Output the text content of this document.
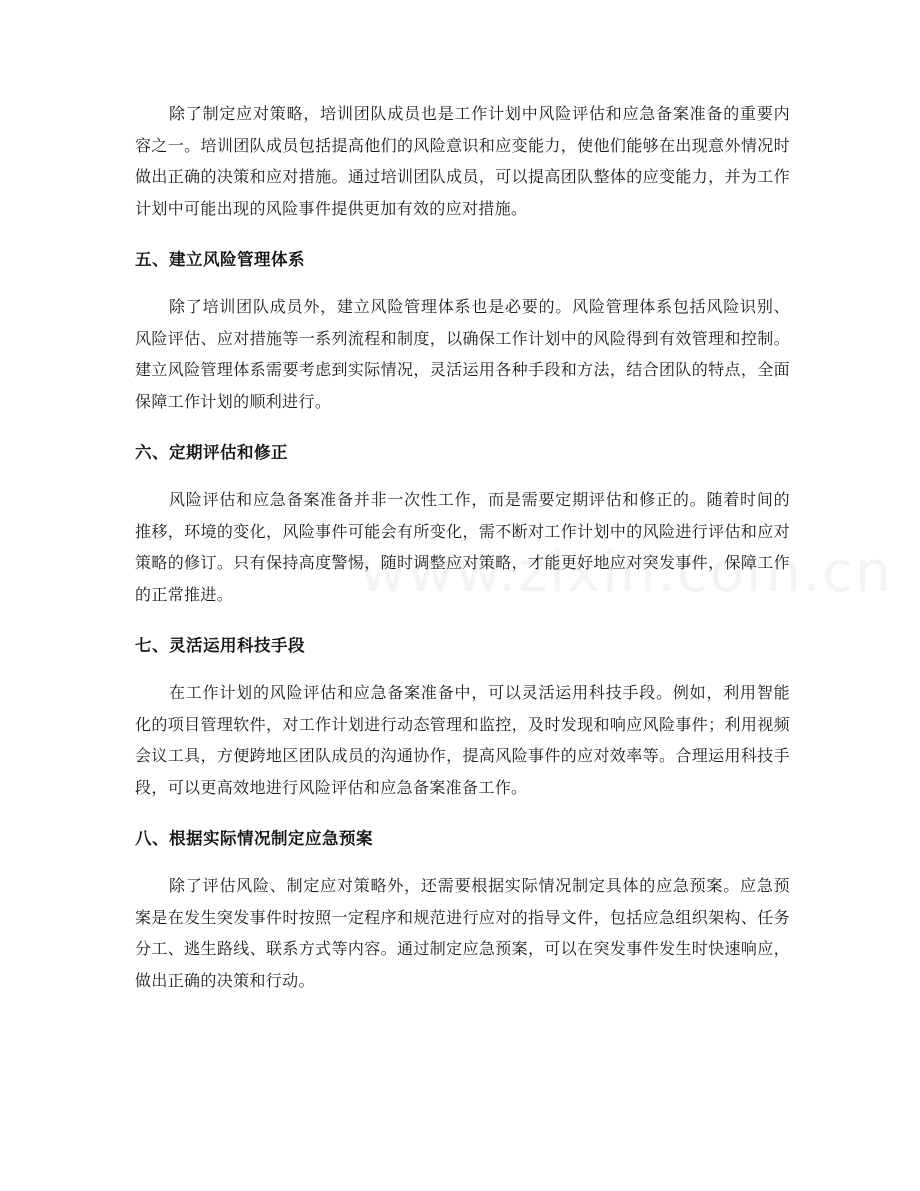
除了制定应对策略，培训团队成员也是工作计划中风险评估和应急备案准备的重要内容之一。培训团队成员包括提高他们的风险意识和应变能力，使他们能够在出现意外情况时做出正确的决策和应对措施。通过培训团队成员，可以提高团队整体的应变能力，并为工作计划中可能出现的风险事件提供更加有效的应对措施。

五、建立风险管理体系

除了培训团队成员外，建立风险管理体系也是必要的。风险管理体系包括风险识别、风险评估、应对措施等一系列流程和制度，以确保工作计划中的风险得到有效管理和控制。建立风险管理体系需要考虑到实际情况，灵活运用各种手段和方法，结合团队的特点，全面保障工作计划的顺利进行。

六、定期评估和修正

风险评估和应急备案准备并非一次性工作，而是需要定期评估和修正的。随着时间的推移，环境的变化，风险事件可能会有所变化，需不断对工作计划中的风险进行评估和应对策略的修订。只有保持高度警惕，随时调整应对策略，才能更好地应对突发事件，保障工作的正常推进。

七、灵活运用科技手段

在工作计划的风险评估和应急备案准备中，可以灵活运用科技手段。例如，利用智能化的项目管理软件，对工作计划进行动态管理和监控，及时发现和响应风险事件；利用视频会议工具，方便跨地区团队成员的沟通协作，提高风险事件的应对效率等。合理运用科技手段，可以更高效地进行风险评估和应急备案准备工作。

八、根据实际情况制定应急预案

除了评估风险、制定应对策略外，还需要根据实际情况制定具体的应急预案。应急预案是在发生突发事件时按照一定程序和规范进行应对的指导文件，包括应急组织架构、任务分工、逃生路线、联系方式等内容。通过制定应急预案，可以在突发事件发生时快速响应，做出正确的决策和行动。
